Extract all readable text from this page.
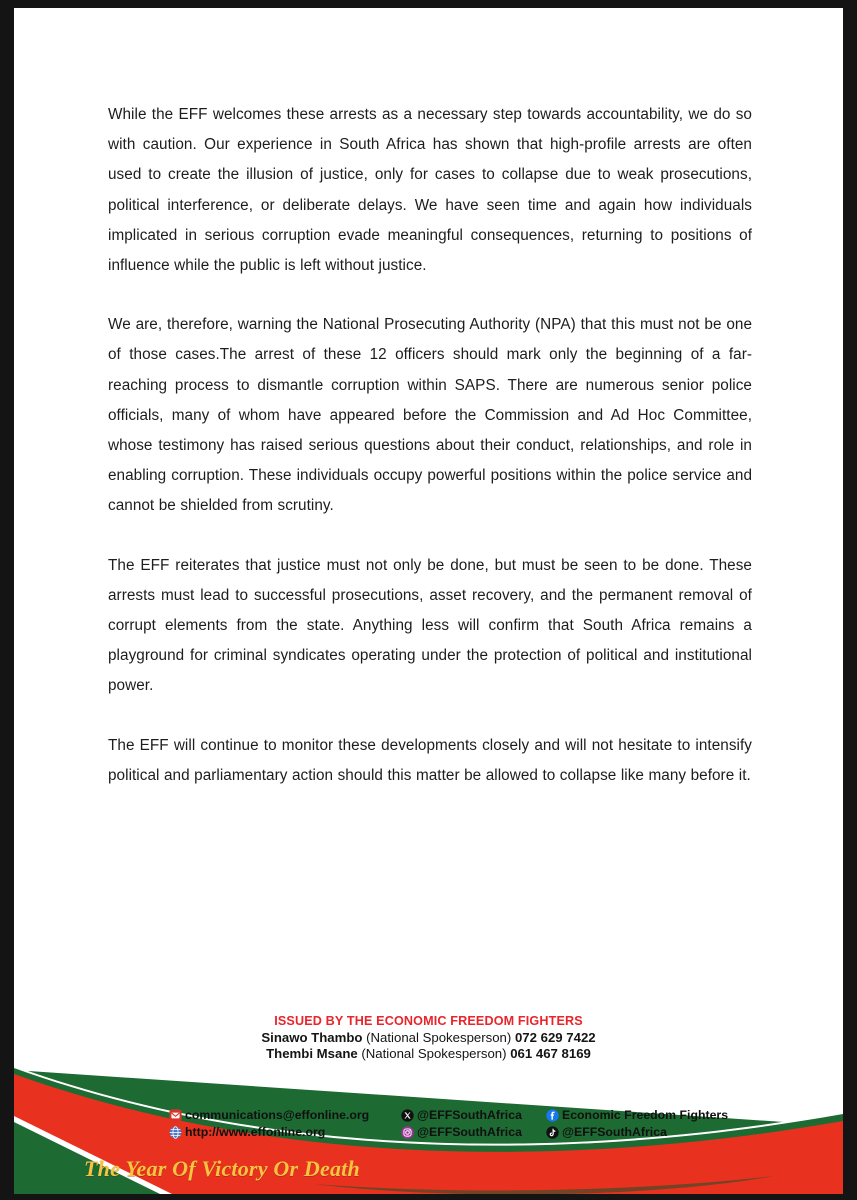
While the EFF welcomes these arrests as a necessary step towards accountability, we do so with caution. Our experience in South Africa has shown that high-profile arrests are often used to create the illusion of justice, only for cases to collapse due to weak prosecutions, political interference, or deliberate delays. We have seen time and again how individuals implicated in serious corruption evade meaningful consequences, returning to positions of influence while the public is left without justice.

We are, therefore, warning the National Prosecuting Authority (NPA) that this must not be one of those cases.The arrest of these 12 officers should mark only the beginning of a far-reaching process to dismantle corruption within SAPS. There are numerous senior police officials, many of whom have appeared before the Commission and Ad Hoc Committee, whose testimony has raised serious questions about their conduct, relationships, and role in enabling corruption. These individuals occupy powerful positions within the police service and cannot be shielded from scrutiny.

The EFF reiterates that justice must not only be done, but must be seen to be done. These arrests must lead to successful prosecutions, asset recovery, and the permanent removal of corrupt elements from the state. Anything less will confirm that South Africa remains a playground for criminal syndicates operating under the protection of political and institutional power.

The EFF will continue to monitor these developments closely and will not hesitate to intensify political and parliamentary action should this matter be allowed to collapse like many before it.

ISSUED BY THE ECONOMIC FREEDOM FIGHTERS
Sinawo Thambo (National Spokesperson) 072 629 7422
Thembi Msane (National Spokesperson) 061 467 8169
communications@effonline.org
http://www.effonline.org
@EFFSouthAfrica
@EFFSouthAfrica
Economic Freedom Fighters
@EFFSouthAfrica
The Year Of Victory Or Death
